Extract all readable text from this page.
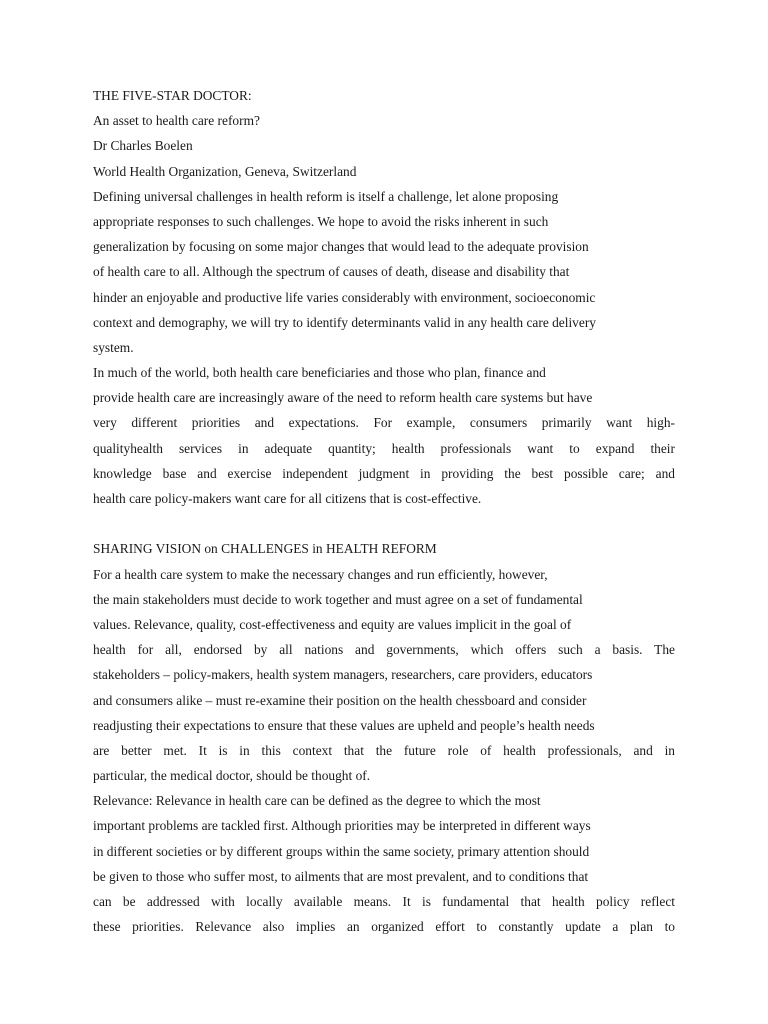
THE FIVE-STAR DOCTOR:
An asset to health care reform?
Dr Charles Boelen
World Health Organization, Geneva, Switzerland
Defining universal challenges in health reform is itself a challenge, let alone proposing
appropriate responses to such challenges. We hope to avoid the risks inherent in such
generalization by focusing on some major changes that would lead to the adequate provision
of health care to all. Although the spectrum of causes of death, disease and disability that
hinder an enjoyable and productive life varies considerably with environment, socioeconomic
context and demography, we will try to identify determinants valid in any health care delivery
system.
In much of the world, both health care beneficiaries and those who plan, finance and
provide health care are increasingly aware of the need to reform health care systems but have
very different priorities and expectations. For example, consumers primarily want high-
qualityhealth services in adequate quantity; health professionals want to expand their
knowledge base and exercise independent judgment in providing the best possible care; and
health care policy-makers want care for all citizens that is cost-effective.
SHARING VISION on CHALLENGES in HEALTH REFORM
For a health care system to make the necessary changes and run efficiently, however,
the main stakeholders must decide to work together and must agree on a set of fundamental
values. Relevance, quality, cost-effectiveness and equity are values implicit in the goal of
health for all, endorsed by all nations and governments, which offers such a basis. The
stakeholders – policy-makers, health system managers, researchers, care providers, educators
and consumers alike – must re-examine their position on the health chessboard and consider
readjusting their expectations to ensure that these values are upheld and people’s health needs
are better met. It is in this context that the future role of health professionals, and in
particular, the medical doctor, should be thought of.
Relevance: Relevance in health care can be defined as the degree to which the most
important problems are tackled first. Although priorities may be interpreted in different ways
in different societies or by different groups within the same society, primary attention should
be given to those who suffer most, to ailments that are most prevalent, and to conditions that
can be addressed with locally available means. It is fundamental that health policy reflect
these priorities. Relevance also implies an organized effort to constantly update a plan to
